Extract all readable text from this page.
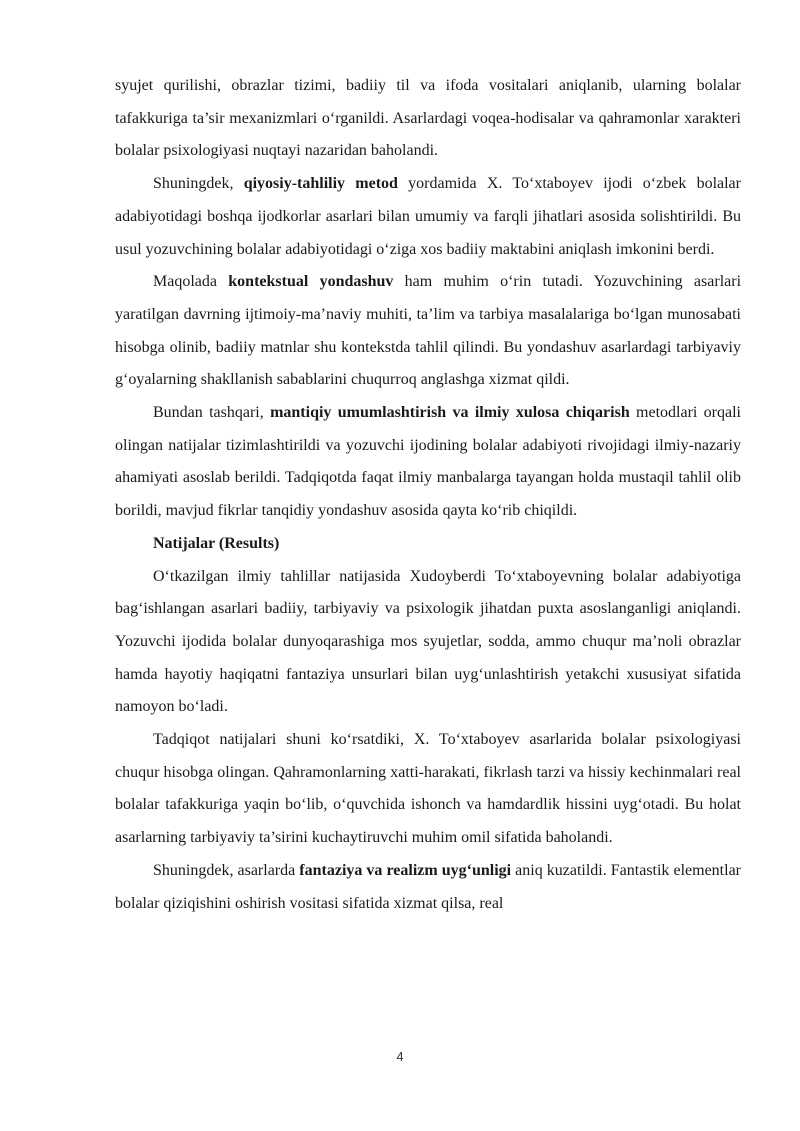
syujet qurilishi, obrazlar tizimi, badiiy til va ifoda vositalari aniqlanib, ularning bolalar tafakkuriga ta’sir mexanizmlari o‘rganildi. Asarlardagi voqea-hodisalar va qahramonlar xarakteri bolalar psixologiyasi nuqtayi nazaridan baholandi.

Shuningdek, qiyosiy-tahliliy metod yordamida X. To‘xtaboyev ijodi o‘zbek bolalar adabiyotidagi boshqa ijodkorlar asarlari bilan umumiy va farqli jihatlari asosida solishtirildi. Bu usul yozuvchining bolalar adabiyotidagi o‘ziga xos badiiy maktabini aniqlash imkonini berdi.

Maqolada kontekstual yondashuv ham muhim o‘rin tutadi. Yozuvchining asarlari yaratilgan davrning ijtimoiy-ma’naviy muhiti, ta’lim va tarbiya masalalariga bo‘lgan munosabati hisobga olinib, badiiy matnlar shu kontekstda tahlil qilindi. Bu yondashuv asarlardagi tarbiyaviy g‘oyalarning shakllanish sabablarini chuqurroq anglashga xizmat qildi.

Bundan tashqari, mantiqiy umumlashtirish va ilmiy xulosa chiqarish metodlari orqali olingan natijalar tizimlashtirildi va yozuvchi ijodining bolalar adabiyoti rivojidagi ilmiy-nazariy ahamiyati asoslab berildi. Tadqiqotda faqat ilmiy manbalarga tayangan holda mustaqil tahlil olib borildi, mavjud fikrlar tanqidiy yondashuv asosida qayta ko‘rib chiqildi.

Natijalar (Results)

O‘tkazilgan ilmiy tahlillar natijasida Xudoyberdi To‘xtaboyevning bolalar adabiyotiga bag‘ishlangan asarlari badiiy, tarbiyaviy va psixologik jihatdan puxta asoslanganligi aniqlandi. Yozuvchi ijodida bolalar dunyoqarashiga mos syujetlar, sodda, ammo chuqur ma’noli obrazlar hamda hayotiy haqiqatni fantaziya unsurlari bilan uyg‘unlashtirish yetakchi xususiyat sifatida namoyon bo‘ladi.

Tadqiqot natijalari shuni ko‘rsatdiki, X. To‘xtaboyev asarlarida bolalar psixologiyasi chuqur hisobga olingan. Qahramonlarning xatti-harakati, fikrlash tarzi va hissiy kechinmalari real bolalar tafakkuriga yaqin bo‘lib, o‘quvchida ishonch va hamdardlik hissini uyg‘otadi. Bu holat asarlarning tarbiyaviy ta’sirini kuchaytiruvchi muhim omil sifatida baholandi.

Shuningdek, asarlarda fantaziya va realizm uyg‘unligi aniq kuzatildi. Fantastik elementlar bolalar qiziqishini oshirish vositasi sifatida xizmat qilsa, real

4
